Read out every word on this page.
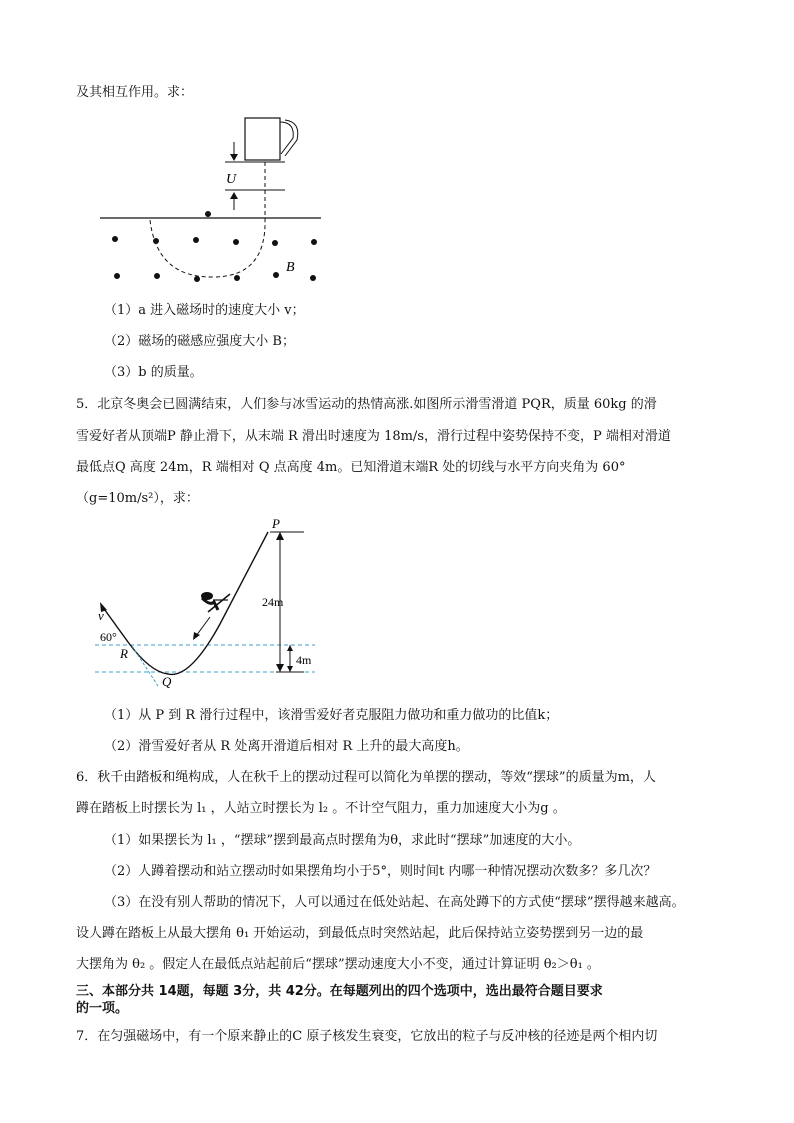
及其相互作用。求：
U
B
（1）a 进入磁场时的速度大小 v；
（2）磁场的磁感应强度大小 B；
（3）b 的质量。
5．北京冬奥会已圆满结束，人们参与冰雪运动的热情高涨.如图所示滑雪滑道 PQR，质量 60kg 的滑
雪爱好者从顶端P 静止滑下，从末端 R 滑出时速度为 18m/s，滑行过程中姿势保持不变，P 端相对滑道
最低点Q 高度 24m，R 端相对 Q 点高度 4m。已知滑道末端R 处的切线与水平方向夹角为 60°
（g=10m/s²），求：
v
60°
R
Q
P
24m
4m
（1）从 P 到 R 滑行过程中，该滑雪爱好者克服阻力做功和重力做功的比值k；
（2）滑雪爱好者从 R 处离开滑道后相对 R 上升的最大高度h。
6．秋千由踏板和绳构成，人在秋千上的摆动过程可以简化为单摆的摆动，等效“摆球”的质量为m，人
蹲在踏板上时摆长为 l₁ ，人站立时摆长为 l₂ 。不计空气阻力，重力加速度大小为g 。
（1）如果摆长为 l₁ ，“摆球”摆到最高点时摆角为θ，求此时“摆球”加速度的大小。
（2）人蹲着摆动和站立摆动时如果摆角均小于5°，则时间t 内哪一种情况摆动次数多？多几次？
（3）在没有别人帮助的情况下，人可以通过在低处站起、在高处蹲下的方式使“摆球”摆得越来越高。
设人蹲在踏板上从最大摆角 θ₁ 开始运动，到最低点时突然站起，此后保持站立姿势摆到另一边的最
大摆角为 θ₂ 。假定人在最低点站起前后“摆球”摆动速度大小不变，通过计算证明 θ₂＞θ₁ 。
三、本部分共 14题，每题 3分，共 42分。在每题列出的四个选项中，选出最符合题目要求
的一项。
7．在匀强磁场中，有一个原来静止的C 原子核发生衰变，它放出的粒子与反冲核的径迹是两个相内切
